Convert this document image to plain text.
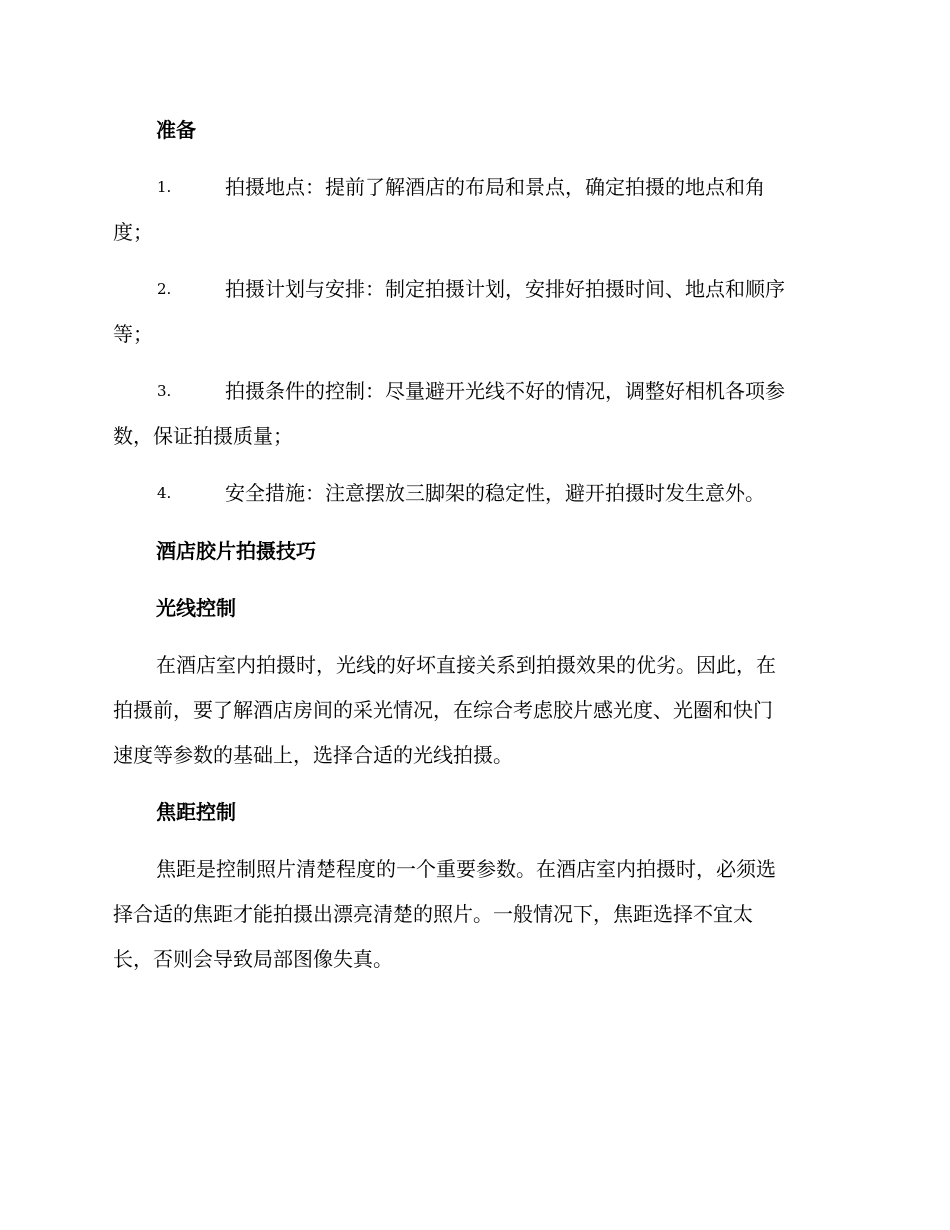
准备
1.	拍摄地点：提前了解酒店的布局和景点，确定拍摄的地点和角
度；
2.	拍摄计划与安排：制定拍摄计划，安排好拍摄时间、地点和顺序
等；
3.	拍摄条件的控制：尽量避开光线不好的情况，调整好相机各项参
数，保证拍摄质量；
4.	安全措施：注意摆放三脚架的稳定性，避开拍摄时发生意外。
酒店胶片拍摄技巧
光线控制
在酒店室内拍摄时，光线的好坏直接关系到拍摄效果的优劣。因此，在
拍摄前，要了解酒店房间的采光情况，在综合考虑胶片感光度、光圈和快门
速度等参数的基础上，选择合适的光线拍摄。
焦距控制
焦距是控制照片清楚程度的一个重要参数。在酒店室内拍摄时，必须选
择合适的焦距才能拍摄出漂亮清楚的照片。一般情况下，焦距选择不宜太
长，否则会导致局部图像失真。
